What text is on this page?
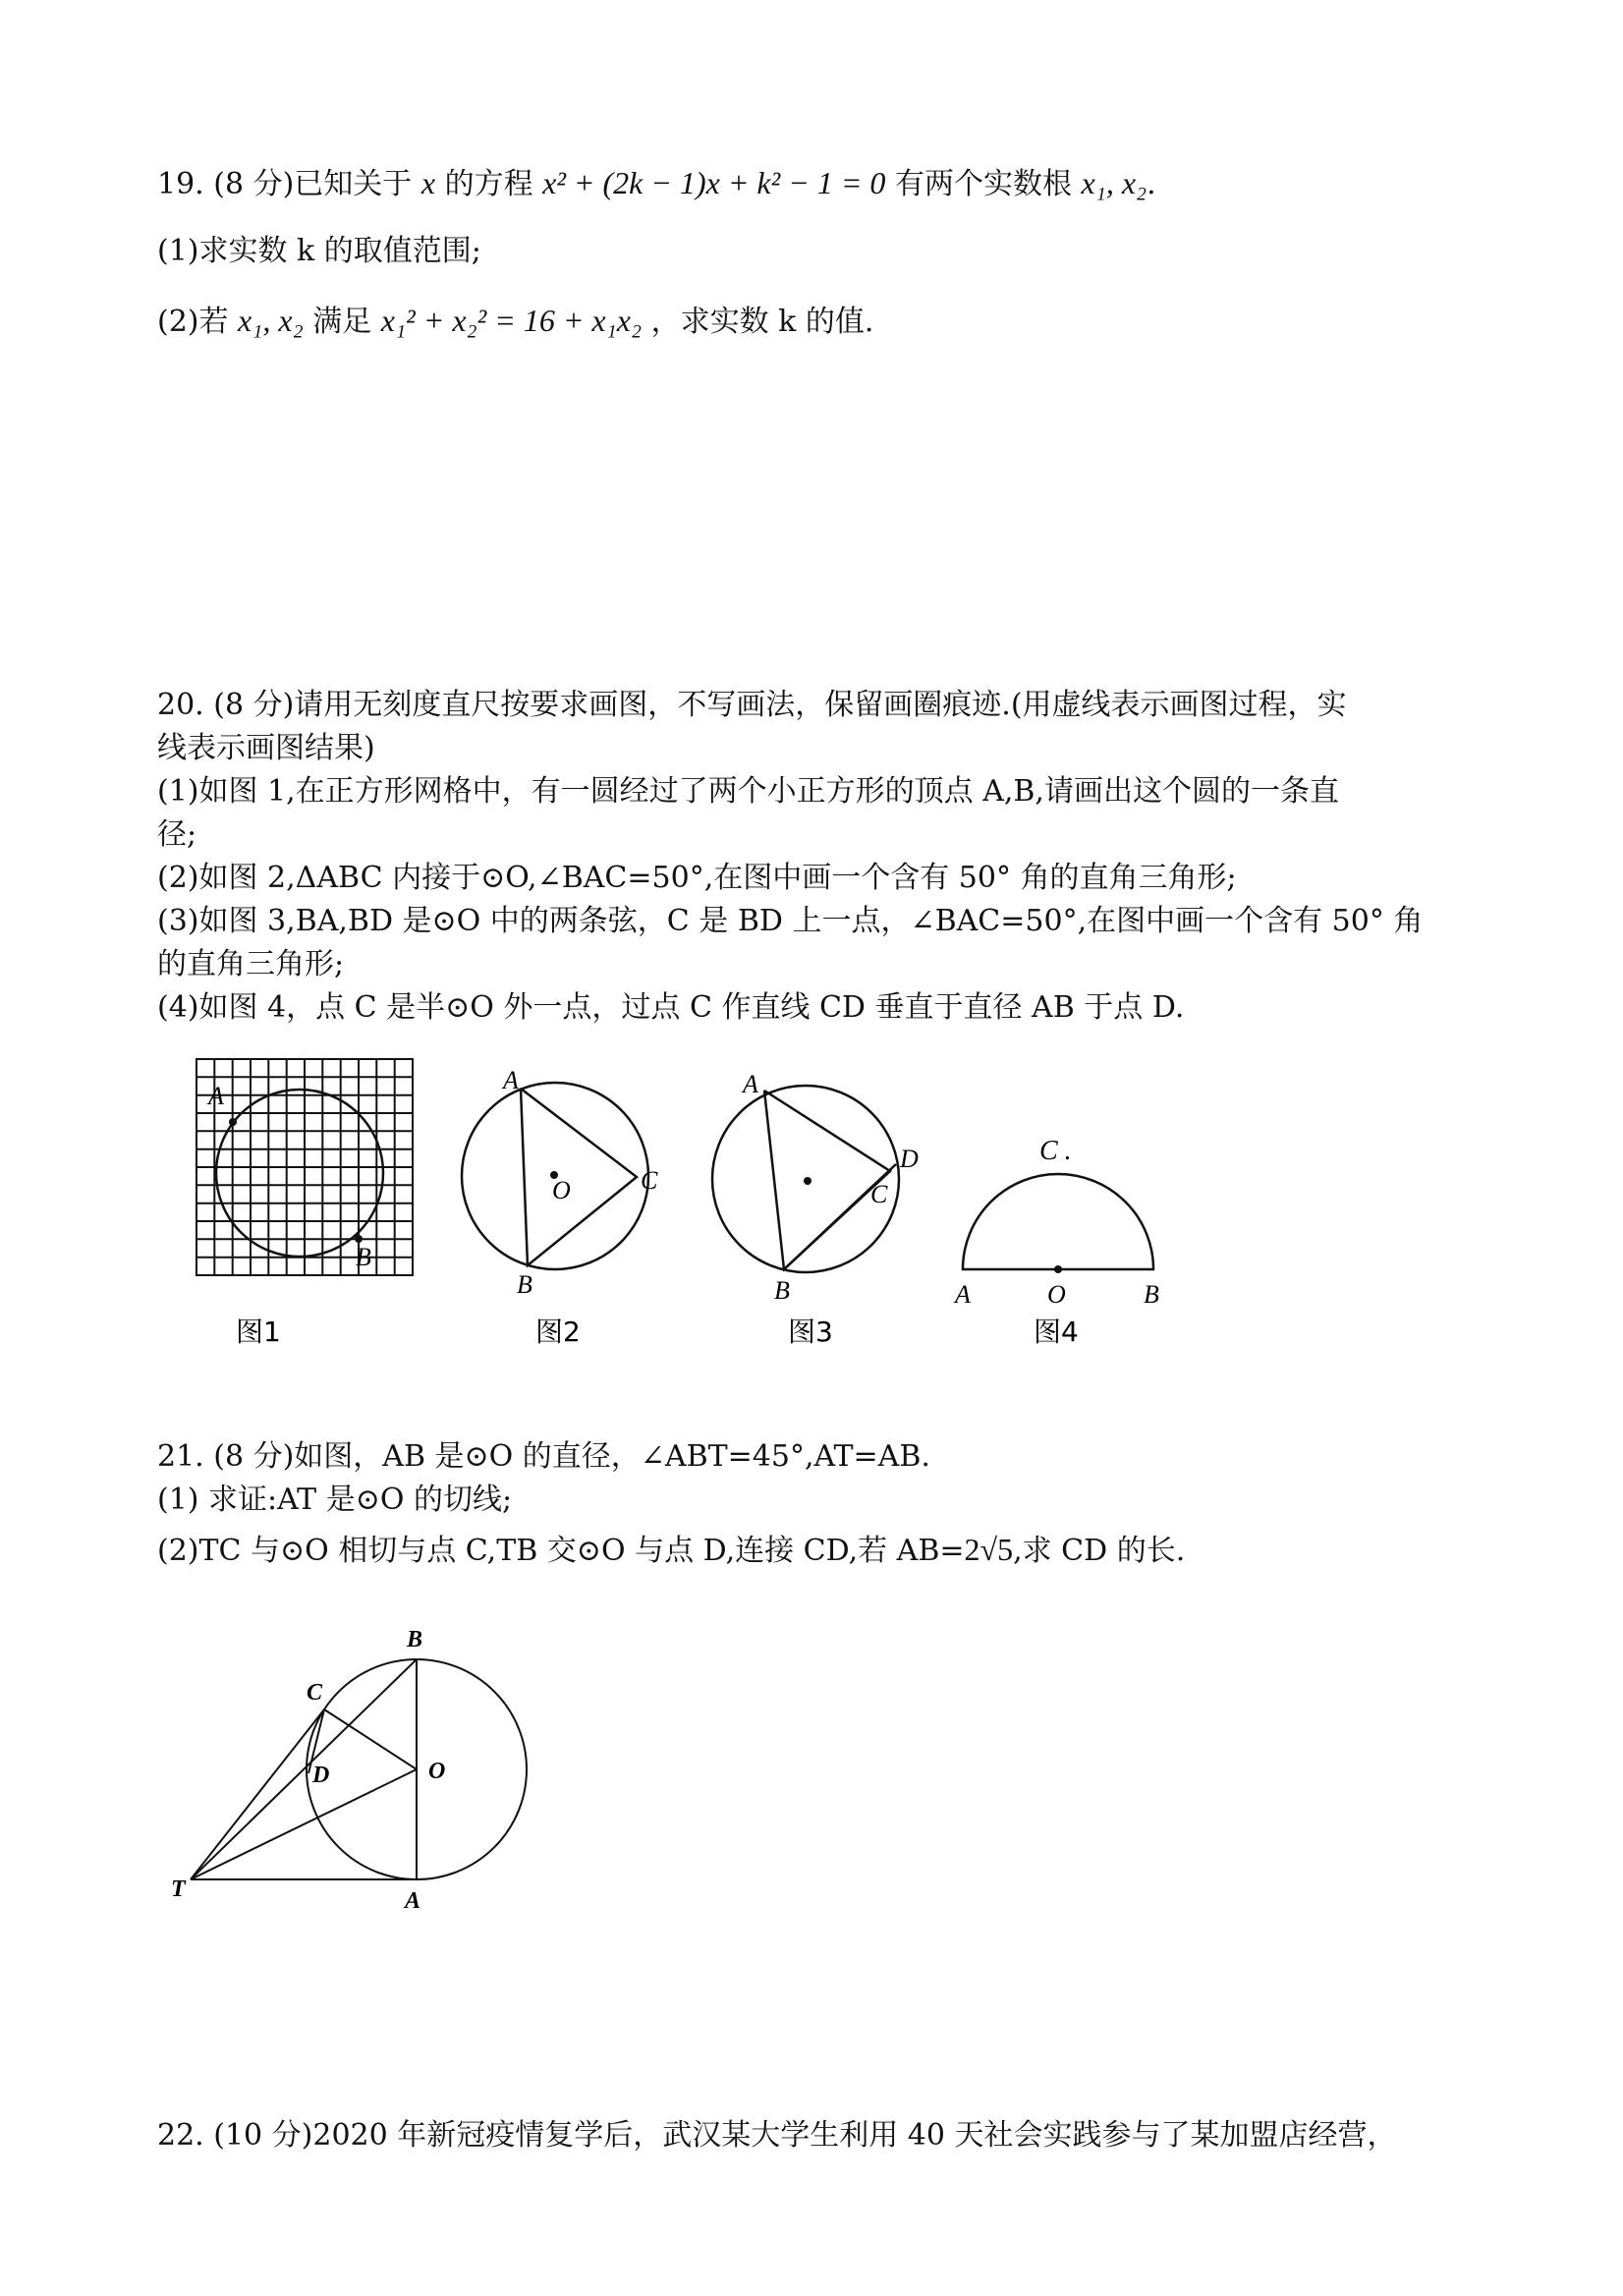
19. (8 分)已知关于 x 的方程 x² + (2k − 1)x + k² − 1 = 0 有两个实数根 x₁, x₂.
(1)求实数 k 的取值范围;
(2)若 x₁, x₂ 满足 x₁² + x₂² = 16 + x₁x₂ ，求实数 k 的值.
20. (8 分)请用无刻度直尺按要求画图，不写画法，保留画圈痕迹.(用虚线表示画图过程，实
线表示画图结果)
(1)如图 1,在正方形网格中，有一圆经过了两个小正方形的顶点 A,B,请画出这个圆的一条直
径;
(2)如图 2,ΔABC 内接于⊙O,∠BAC=50°,在图中画一个含有 50° 角的直角三角形;
(3)如图 3,BA,BD 是⊙O 中的两条弦，C 是 BD 上一点，∠BAC=50°,在图中画一个含有 50° 角
的直角三角形;
(4)如图 4，点 C 是半⊙O 外一点，过点 C 作直线 CD 垂直于直径 AB 于点 D.
A
B
图1
A
B
C
O
图2
A
B
C
D
图3
C .
A	O	B
图4
21. (8 分)如图，AB 是⊙O 的直径，∠ABT=45°,AT=AB.
(1) 求证:AT 是⊙O 的切线;
(2)TC 与⊙O 相切与点 C,TB 交⊙O 与点 D,连接 CD,若 AB=2√5,求 CD 的长.
B
C
D	O
T	A
22. (10 分)2020 年新冠疫情复学后，武汉某大学生利用 40 天社会实践参与了某加盟店经营，
